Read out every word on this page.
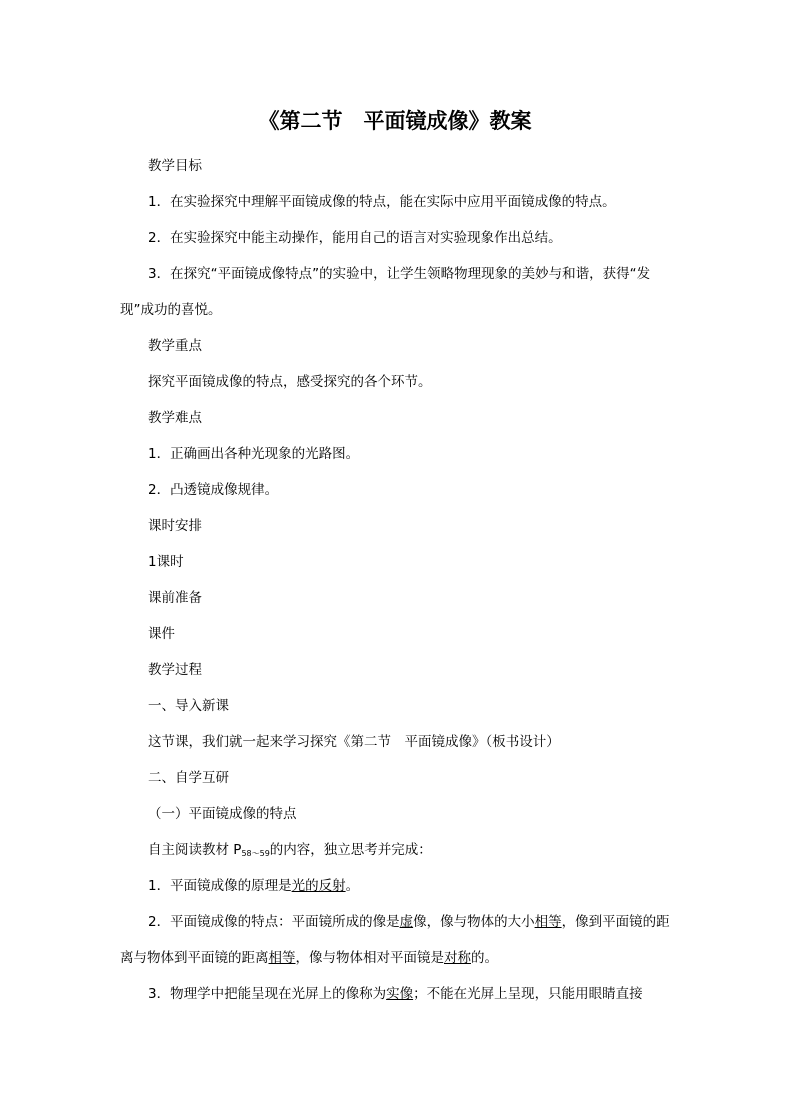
《第二节　平面镜成像》教案
教学目标
1．在实验探究中理解平面镜成像的特点，能在实际中应用平面镜成像的特点。
2．在实验探究中能主动操作，能用自己的语言对实验现象作出总结。
3．在探究“平面镜成像特点”的实验中，让学生领略物理现象的美妙与和谐，获得“发现”成功的喜悦。
教学重点
探究平面镜成像的特点，感受探究的各个环节。
教学难点
1．正确画出各种光现象的光路图。
2．凸透镜成像规律。
课时安排
1课时
课前准备
课件
教学过程
一、导入新课
这节课，我们就一起来学习探究《第二节　平面镜成像》（板书设计）
二、自学互研
（一）平面镜成像的特点
自主阅读教材 $P_{58\sim 59}$的内容，独立思考并完成：
1．平面镜成像的原理是光的反射。
2．平面镜成像的特点：平面镜所成的像是虚像，像与物体的大小相等，像到平面镜的距离与物体到平面镜的距离相等，像与物体相对平面镜是对称的。
3．物理学中把能呈现在光屏上的像称为实像；不能在光屏上呈现，只能用眼睛直接
